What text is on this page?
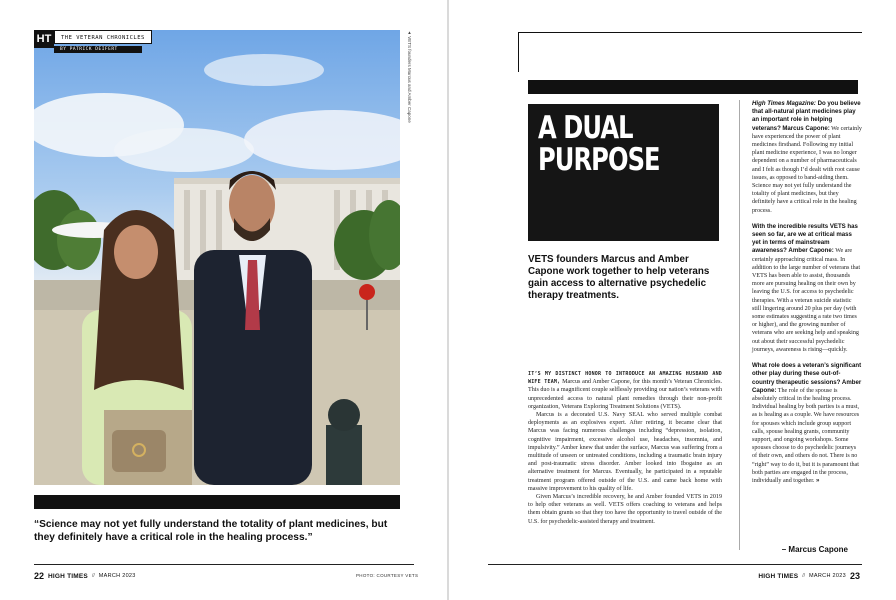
HT	THE VETERAN CHRONICLES
BY PATRICK DEIFERT	▲ VETS founders Marcus and Amber Capone
“Science may not yet fully understand the totality of plant medicines, but they definitely have a critical role in the healing process.”
– Marcus Capone
22 HIGH TIMES // MARCH 2023	PHOTO: COURTESY VETS
A DUAL
PURPOSE
VETS founders Marcus and Amber Capone work together to help veterans gain access to alternative psychedelic therapy treatments.

IT’S MY DISTINCT HONOR TO INTRODUCE AN AMAZING HUSBAND AND WIFE TEAM, Marcus and Amber Capone, for this month’s Veteran Chronicles. This duo is a magnificent couple selflessly providing our nation’s veterans with unprecedented access to natural plant remedies through their non-profit organization, Veterans Exploring Treatment Solutions (VETS).

Marcus is a decorated U.S. Navy SEAL who served multiple combat deployments as an explosives expert. After retiring, it became clear that Marcus was facing numerous challenges including “depression, isolation, cognitive impairment, excessive alcohol use, headaches, insomnia, and impulsivity.” Amber knew that under the surface, Marcus was suffering from a multitude of unseen or untreated conditions, including a traumatic brain injury and post-traumatic stress disorder. Amber looked into Ibogaine as an alternative treatment for Marcus. Eventually, he participated in a reputable treatment program offered outside of the U.S. and came back home with massive improvement to his quality of life.

Given Marcus’s incredible recovery, he and Amber founded VETS in 2019 to help other veterans as well. VETS offers coaching to veterans and helps them obtain grants so that they too have the opportunity to travel outside of the U.S. for psychedelic-assisted therapy and treatment.

High Times Magazine: Do you believe that all-natural plant medicines play an important role in helping veterans? Marcus Capone: We certainly have experienced the power of plant medicines firsthand. Following my initial plant medicine experience, I was no longer dependent on a number of pharmaceuticals and I felt as though I’d dealt with root cause issues, as opposed to band-aiding them. Science may not yet fully understand the totality of plant medicines, but they definitely have a critical role in the healing process.
With the incredible results VETS has seen so far, are we at critical mass yet in terms of mainstream awareness? Amber Capone: We are certainly approaching critical mass. In addition to the large number of veterans that VETS has been able to assist, thousands more are pursuing healing on their own by leaving the U.S. for access to psychedelic therapies. With a veteran suicide statistic still lingering around 20 plus per day (with some estimates suggesting a rate two times or higher), and the growing number of veterans who are seeking help and speaking out about their successful psychedelic journeys, awareness is rising—quickly.
What role does a veteran’s significant other play during these out-of-country therapeutic sessions? Amber Capone: The role of the spouse is absolutely critical in the healing process. Individual healing by both parties is a must, as is healing as a couple. We have resources for spouses which include group support calls, spouse healing grants, community support, and ongoing workshops. Some spouses choose to do psychedelic journeys of their own, and others do not. There is no “right” way to do it, but it is paramount that both parties are engaged in the process, individually and together. »
HIGH TIMES // MARCH 2023 23
